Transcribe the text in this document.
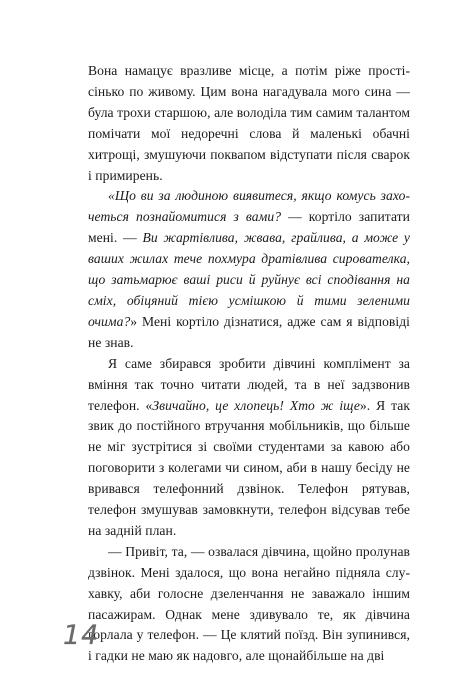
Вона намацує вразливе місце, а потім ріже простісінько по живому. Цим вона нагадувала мого сина — була трохи старшою, але володіла тим самим талантом помічати мої недоречні слова й маленькі обачні хитрощі, змушуючи поквапом відступати після сварок і примирень.

«Що ви за людиною виявитеся, якщо комусь захочеться познайомитися з вами? — кортіло запитати мені. — Ви жартівлива, жвава, грайлива, а може у ваших жилах тече похмура дратівлива сирователка, що затьмарює ваші риси й руйнує всі сподівання на сміх, обіцяний тією усмішкою й тими зеленими очима?» Мені кортіло дізнатися, адже сам я відповіді не знав.

Я саме збирався зробити дівчині комплімент за вміння так точно читати людей, та в неї задзвонив телефон. «Звичайно, це хлопець! Хто ж іще». Я так звик до постійного втручання мобільників, що більше не міг зустрітися зі своїми студентами за кавою або поговорити з колегами чи сином, аби в нашу бесіду не вривався телефонний дзвінок. Телефон рятував, телефон змушував замовкнути, телефон відсував тебе на задній план.

— Привіт, та, — озвалася дівчина, щойно пролунав дзвінок. Мені здалося, що вона негайно підняла слухавку, аби голосне дзеленчання не заважало іншим пасажирам. Однак мене здивувало те, як дівчина горлала у телефон. — Це клятий поїзд. Він зупинився, і гадки не маю як надовго, але щонайбільше на дві

14
